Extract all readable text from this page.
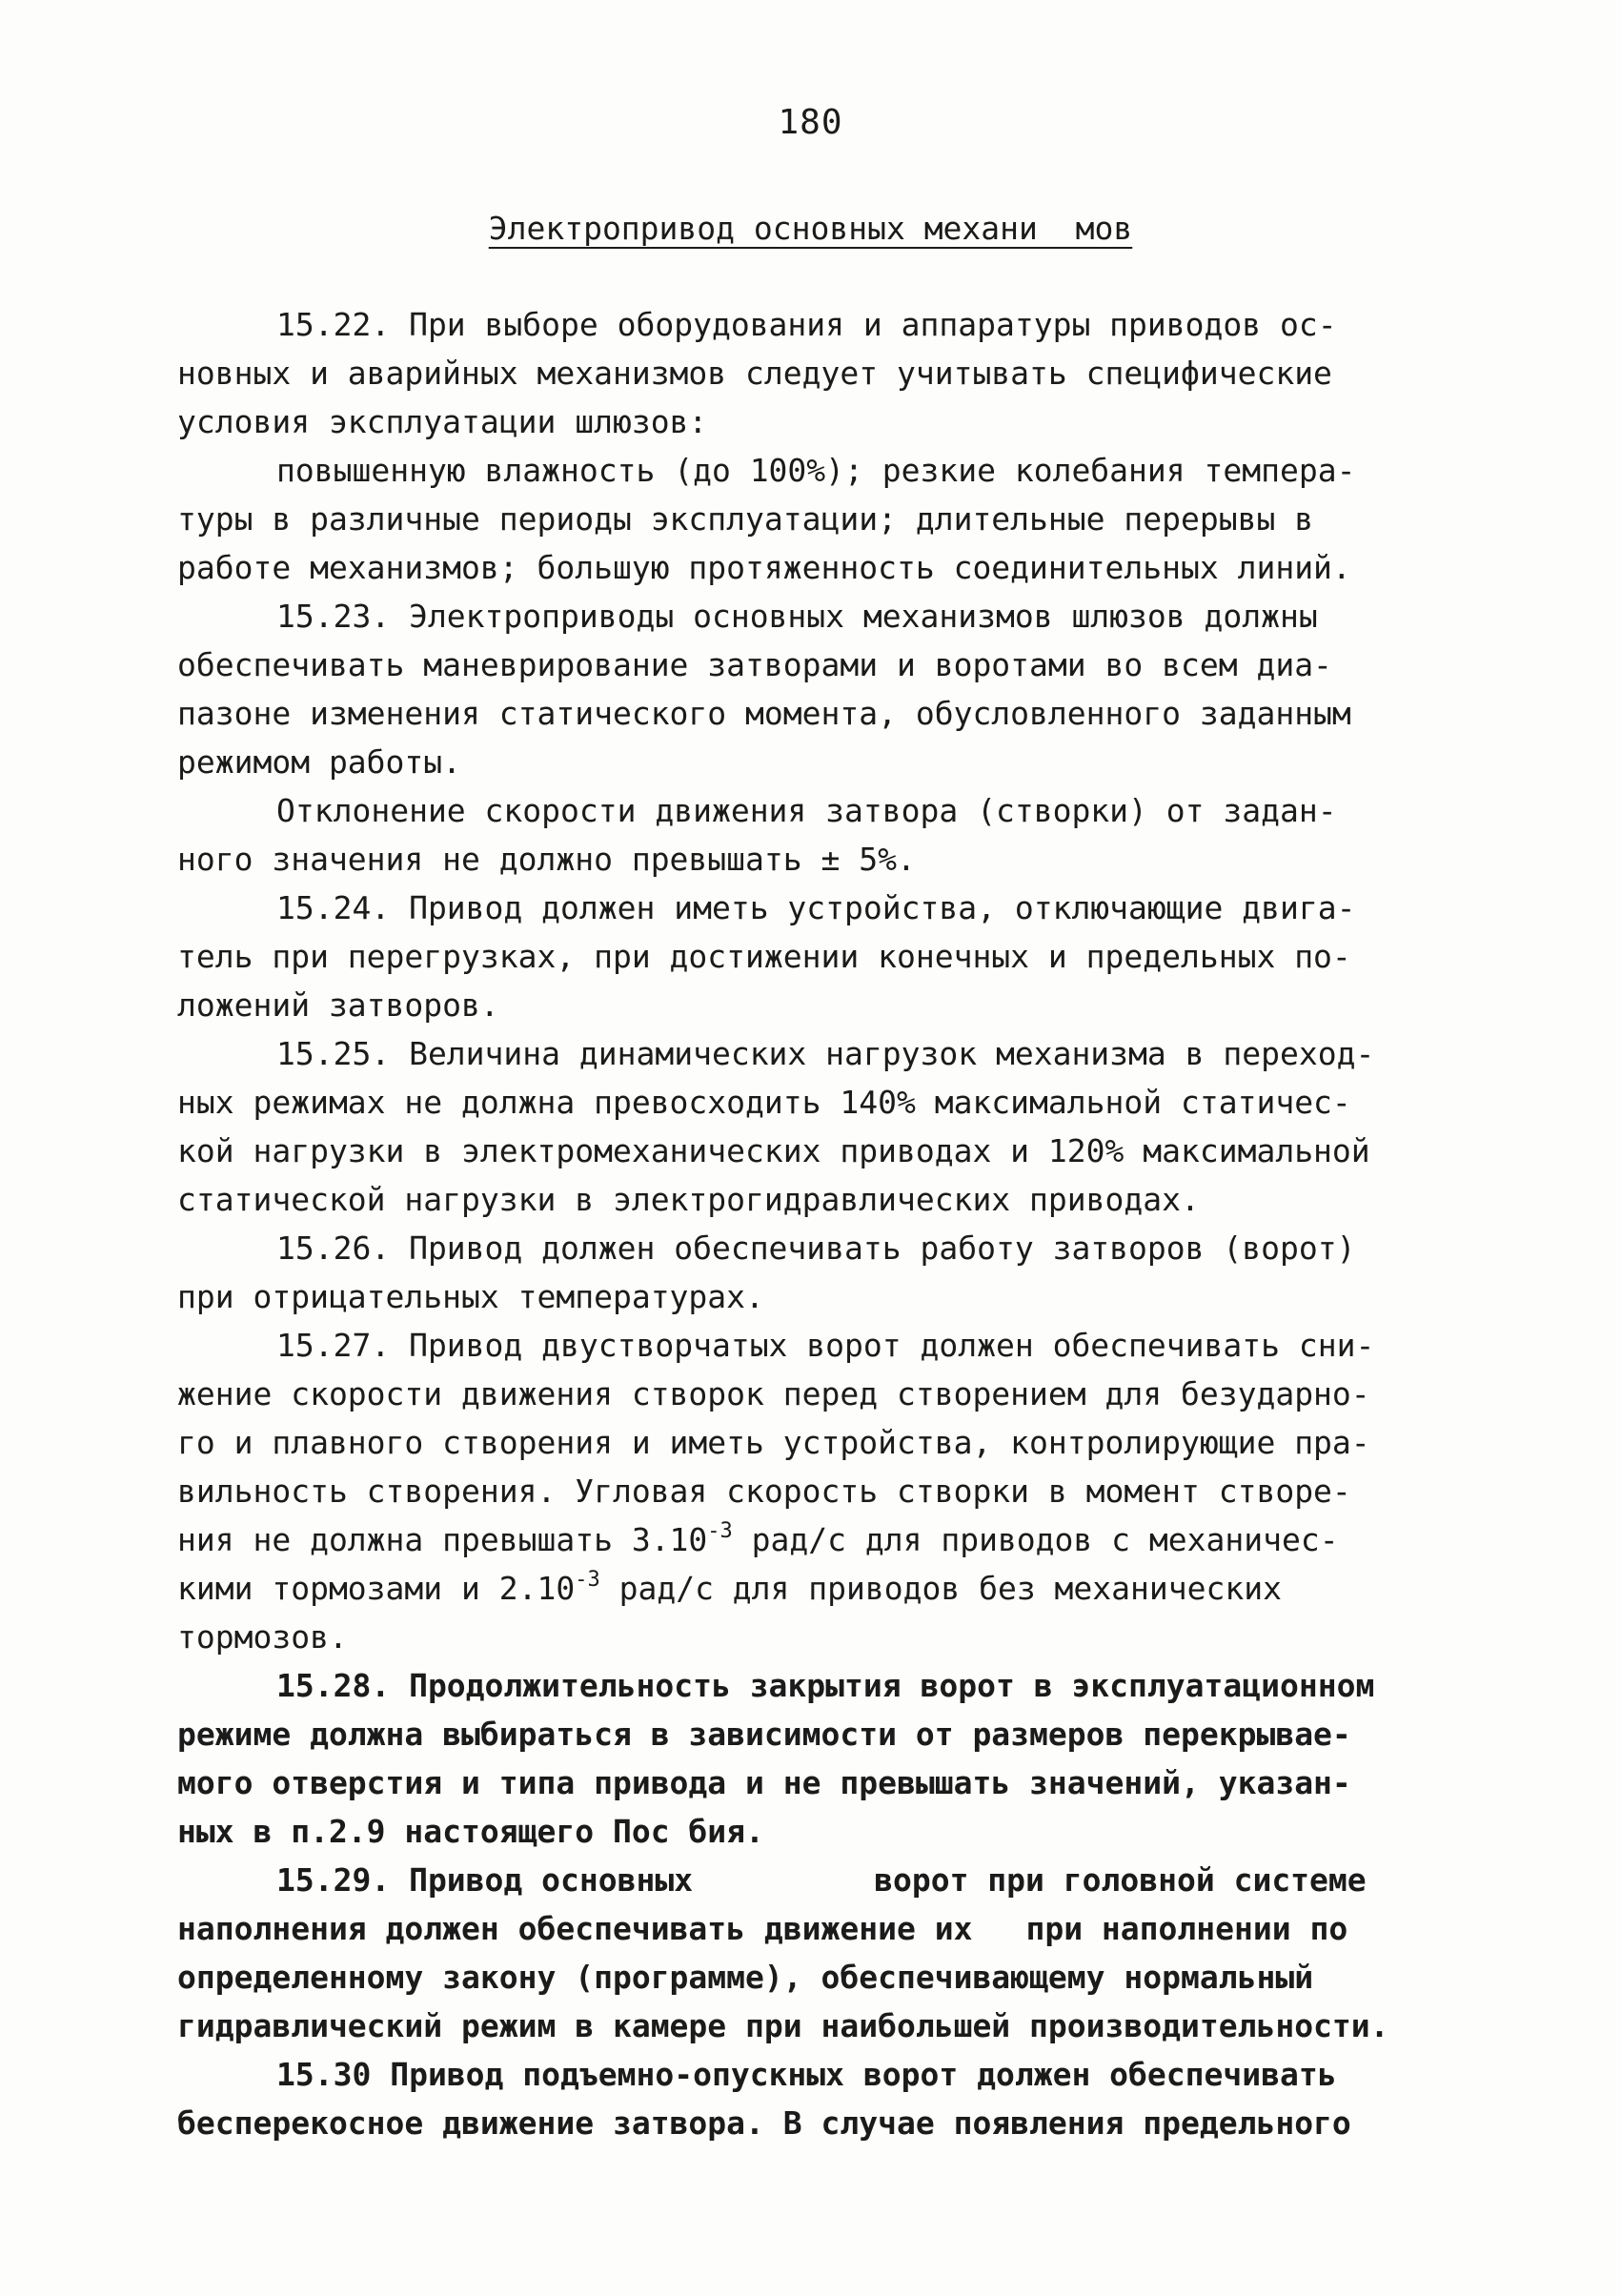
180
Электропривод основных механи  мов

15.22. При выборе оборудования и аппаратуры приводов ос-

новных и аварийных механизмов следует учитывать специфические

условия эксплуатации шлюзов:

повышенную влажность (до 100%); резкие колебания темпера-

туры в различные периоды эксплуатации; длительные перерывы в

работе механизмов; большую протяженность соединительных линий.

15.23. Электроприводы основных механизмов шлюзов должны

обеспечивать маневрирование затворами и воротами во всем диа-

пазоне изменения статического момента, обусловленного заданным

режимом работы.

Отклонение скорости движения затвора (створки) от задан-

ного значения не должно превышать ± 5%.

15.24. Привод должен иметь устройства, отключающие двига-

тель при перегрузках, при достижении конечных и предельных по-

ложений затворов.

15.25. Величина динамических нагрузок механизма в переход-

ных режимах не должна превосходить 140% максимальной статичес-

кой нагрузки в электромеханических приводах и 120% максимальной

статической нагрузки в электрогидравлических приводах.

15.26. Привод должен обеспечивать работу затворов (ворот)

при отрицательных температурах.

15.27. Привод двустворчатых ворот должен обеспечивать сни-

жение скорости движения створок перед створением для безударно-

го и плавного створения и иметь устройства, контролирующие пра-

вильность створения. Угловая скорость створки в момент створе-

ния не должна превышать $3.10^{-3}$ рад/с для приводов с механичес-

кими тормозами и $2.10^{-3}$ рад/с для приводов без механических

тормозов.

15.28. Продолжительность закрытия ворот в эксплуатационном

режиме должна выбираться в зависимости от размеров перекрывае-

мого отверстия и типа привода и не превышать значений, указан-

ных в п.2.9 настоящего Пос бия.

15.29. Привод основных	ворот при головной системе

наполнения должен обеспечивать движение их при наполнении по

определенному закону (программе), обеспечивающему нормальный

гидравлический режим в камере при наибольшей производительности.

15.30 Привод подъемно-опускных ворот должен обеспечивать

бесперекосное движение затвора. В случае появления предельного
